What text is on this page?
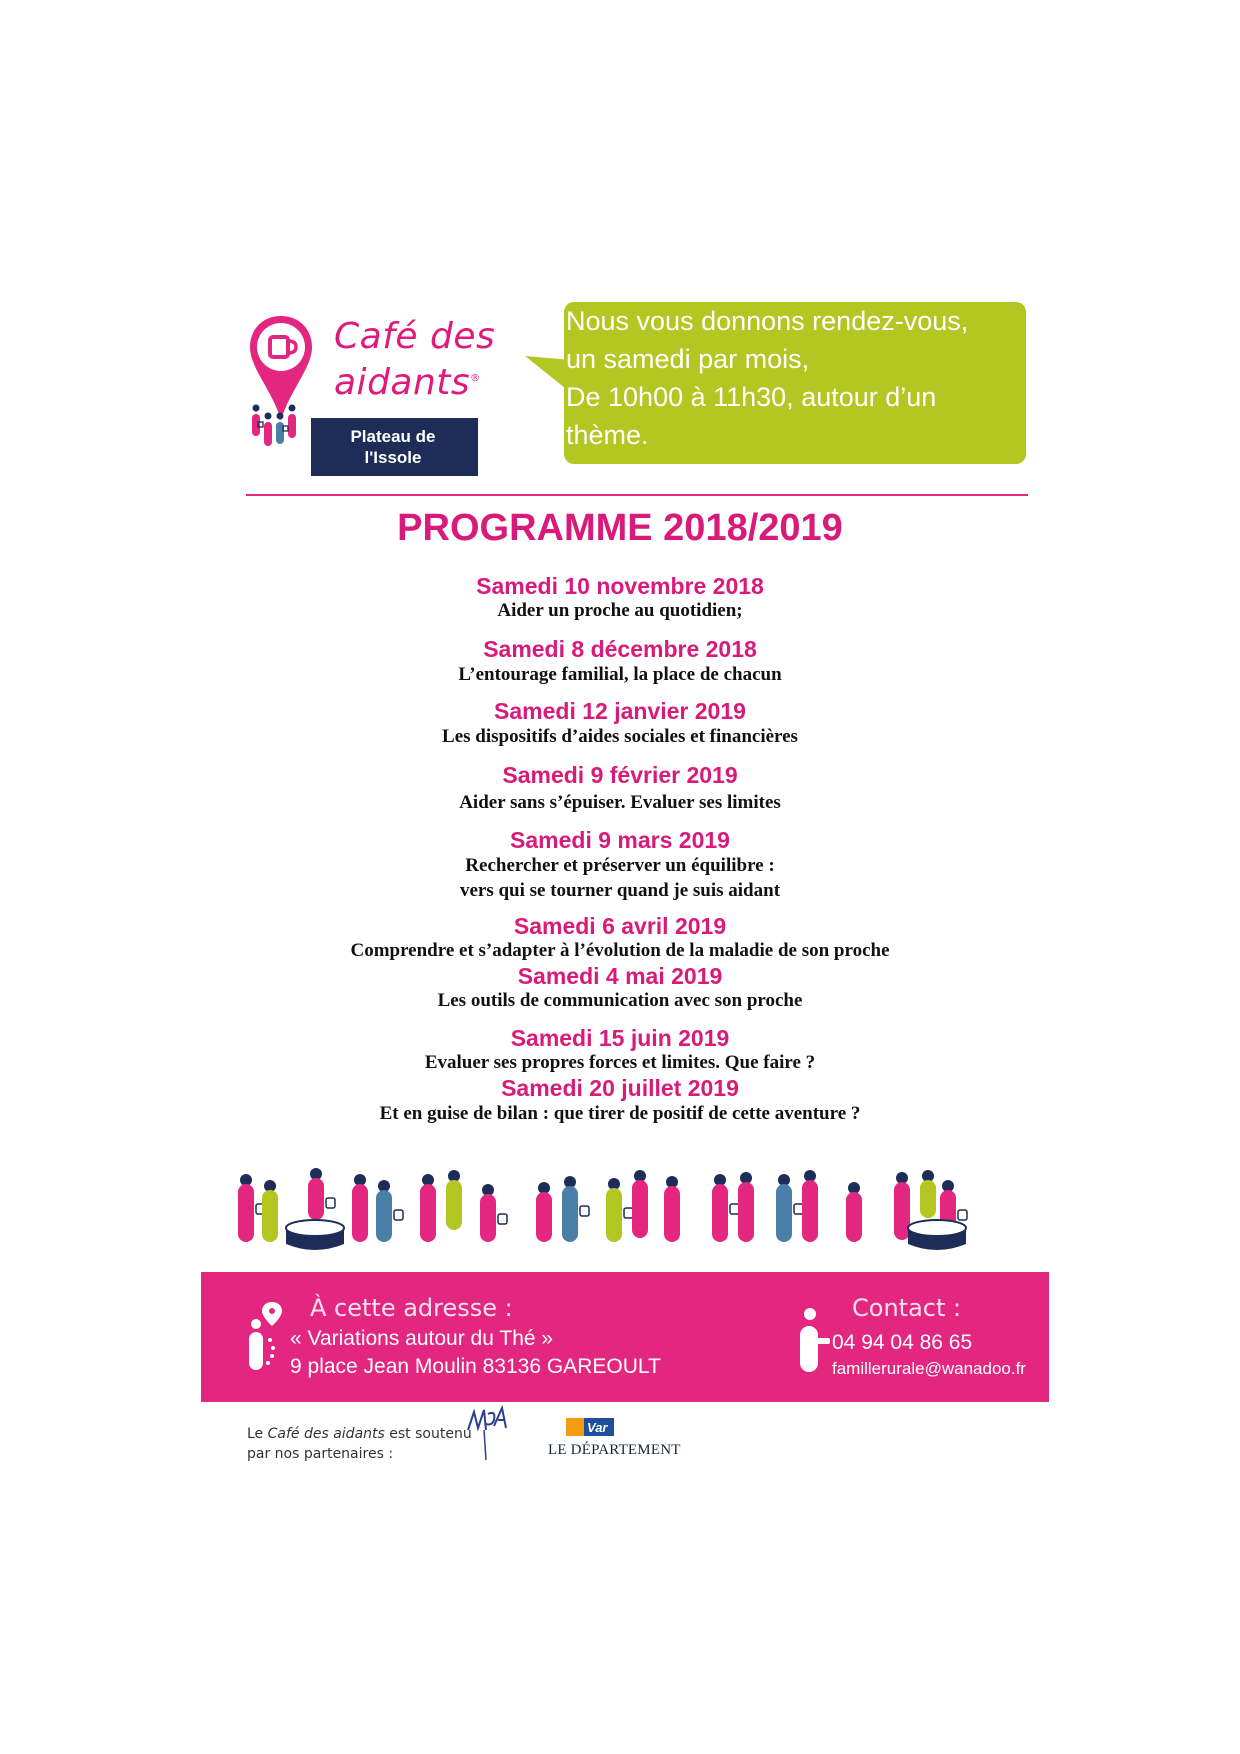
Café des
aidants®
Plateau de
l'Issole
Nous vous donnons rendez-vous,
un samedi par mois,
De 10h00 à 11h30, autour d’un
thème.
PROGRAMME 2018/2019
Samedi 10 novembre 2018
Aider un proche au quotidien;
Samedi 8 décembre 2018
L’entourage familial, la place de chacun
Samedi 12 janvier 2019
Les dispositifs d’aides sociales et financières
Samedi 9 février 2019
Aider sans s’épuiser. Evaluer ses limites
Samedi 9 mars 2019
Rechercher et préserver un équilibre :
vers qui se tourner quand je suis aidant
Samedi 6 avril 2019
Comprendre et s’adapter à l’évolution de la maladie de son proche
Samedi 4 mai 2019
Les outils de communication avec son proche
Samedi 15 juin 2019
Evaluer ses propres forces et limites. Que faire ?
Samedi 20 juillet 2019
Et en guise de bilan : que tirer de positif de cette aventure ?
À cette adresse :
« Variations autour du Thé »
9 place Jean Moulin 83136 GAREOULT
Contact :
04 94 04 86 65
famillerurale@wanadoo.fr
Le Café des aidants est soutenu
par nos partenaires :
Var
LE DÉPARTEMENT
